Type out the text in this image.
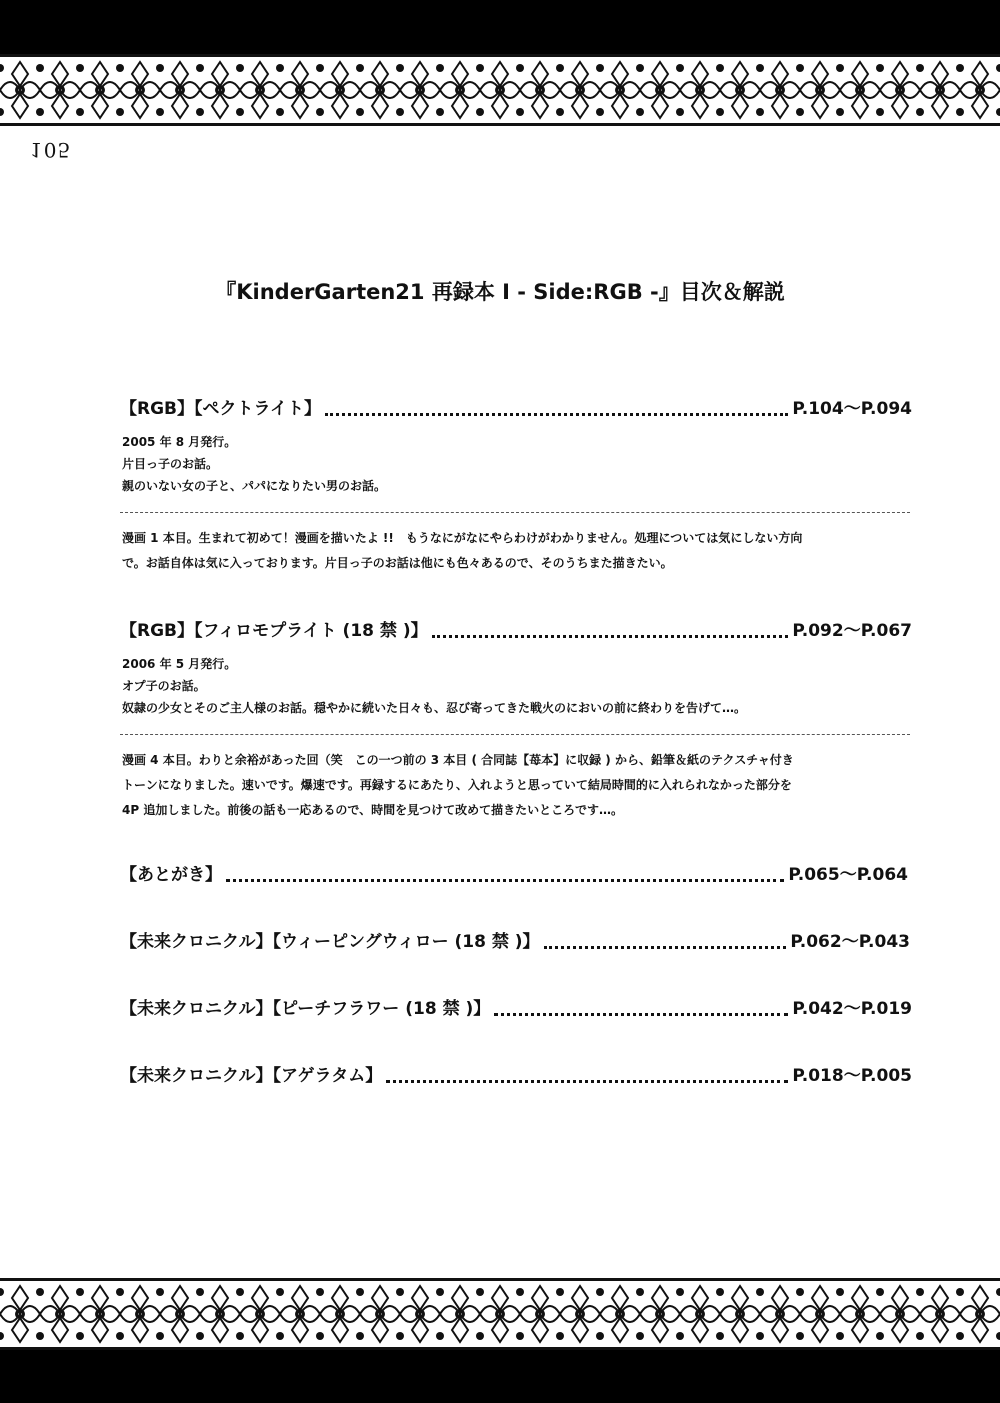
105
『KinderGarten21 再録本 I - Side:RGB -』目次＆解説
【RGB】【ペクトライト】	P.104〜P.094
2005 年 8 月発行。
片目っ子のお話。
親のいない女の子と、パパになりたい男のお話。
漫画 1 本目。生まれて初めて！漫画を描いたよ !!　もうなにがなにやらわけがわかりません。処理については気にしない方向
で。お話自体は気に入っております。片目っ子のお話は他にも色々あるので、そのうちまた描きたい。
【RGB】【フィロモプライト (18 禁 )】	P.092〜P.067
2006 年 5 月発行。
オプ子のお話。
奴隷の少女とそのご主人様のお話。穏やかに続いた日々も、忍び寄ってきた戦火のにおいの前に終わりを告げて…。
漫画 4 本目。わりと余裕があった回（笑　この一つ前の 3 本目 ( 合同誌【苺本】に収録 ) から、鉛筆＆紙のテクスチャ付き
トーンになりました。速いです。爆速です。再録するにあたり、入れようと思っていて結局時間的に入れられなかった部分を
4P 追加しました。前後の話も一応あるので、時間を見つけて改めて描きたいところです…。
【あとがき】	P.065〜P.064
【未来クロニクル】【ウィーピングウィロー (18 禁 )】	P.062〜P.043
【未来クロニクル】【ピーチフラワー (18 禁 )】	P.042〜P.019
【未来クロニクル】【アゲラタム】	P.018〜P.005
